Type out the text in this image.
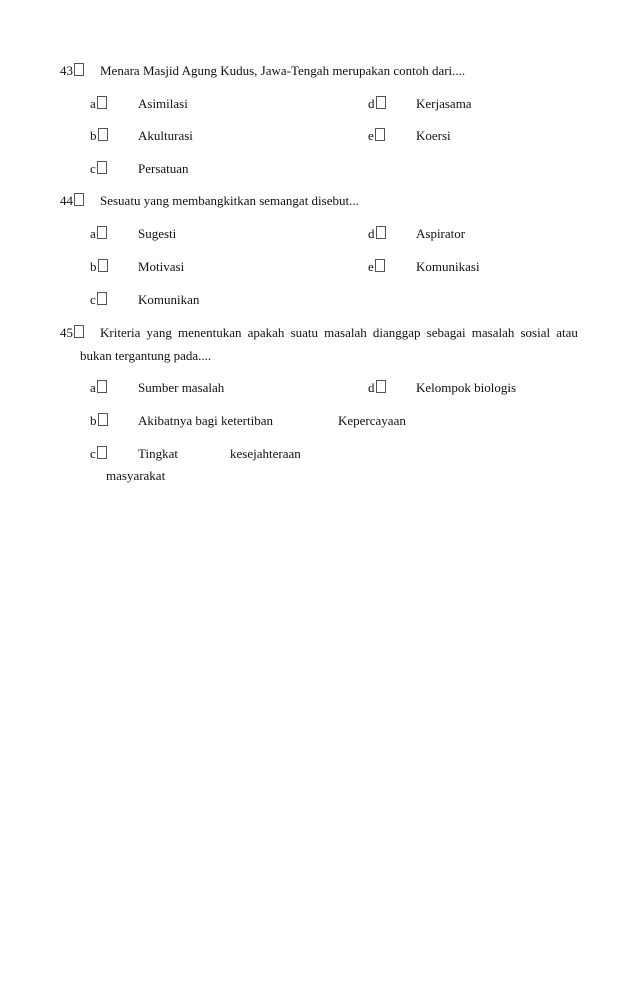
43	Menara Masjid Agung Kudus, Jawa-Tengah merupakan contoh dari....
a	Asimilasi	d	Kerjasama
b	Akulturasi	e	Koersi
c	Persatuan
44	Sesuatu yang membangkitkan semangat disebut...
a	Sugesti	d	Aspirator
b	Motivasi	e	Komunikasi
c	Komunikan
45	Kriteria yang menentukan apakah suatu masalah dianggap sebagai masalah sosial atau
bukan tergantung pada....
a	Sumber masalah	d	Kelompok biologis
b	Akibatnya bagi ketertiban	Kepercayaan
c	Tingkat	kesejahteraan
masyarakat
